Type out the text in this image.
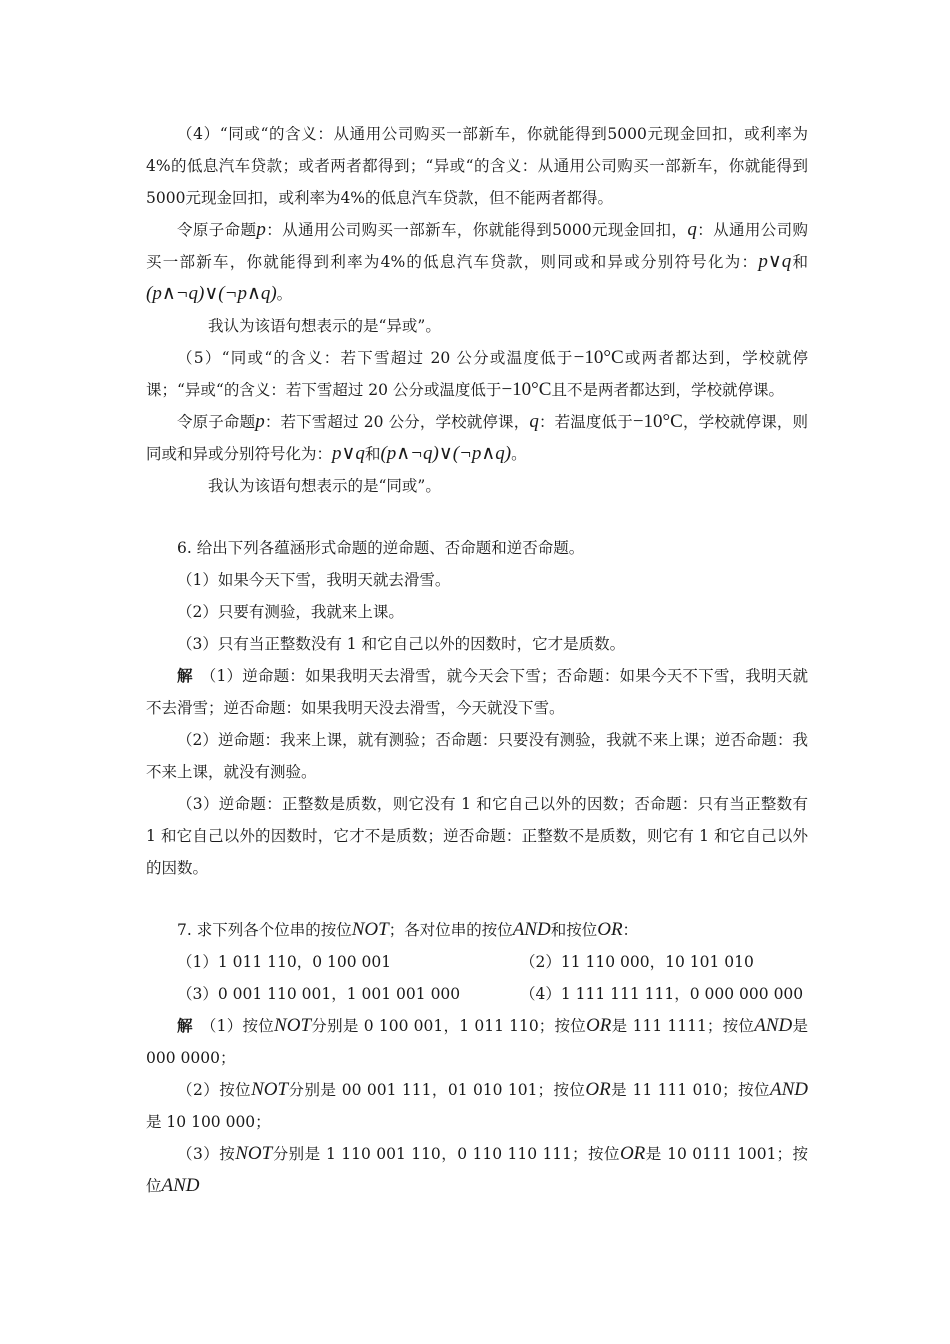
（4）“同或“的含义：从通用公司购买一部新车，你就能得到5000元现金回扣，或利率为 4%的低息汽车贷款；或者两者都得到；“异或“的含义：从通用公司购买一部新车，你就能得到5000元现金回扣，或利率为4%的低息汽车贷款，但不能两者都得。

令原子命题p：从通用公司购买一部新车，你就能得到5000元现金回扣，q：从通用公司购买一部新车，你就能得到利率为4%的低息汽车贷款，则同或和异或分别符号化为：p∨q和(p∧¬q)∨(¬p∧q)。

我认为该语句想表示的是“异或”。

（5）“同或“的含义：若下雪超过 20 公分或温度低于−10°C或两者都达到，学校就停课；“异或“的含义：若下雪超过 20 公分或温度低于−10°C且不是两者都达到，学校就停课。

令原子命题p：若下雪超过 20 公分，学校就停课，q：若温度低于−10°C，学校就停课，则同或和异或分别符号化为：p∨q和(p∧¬q)∨(¬p∧q)。

我认为该语句想表示的是“同或”。

6. 给出下列各蕴涵形式命题的逆命题、否命题和逆否命题。

（1）如果今天下雪，我明天就去滑雪。

（2）只要有测验，我就来上课。

（3）只有当正整数没有 1 和它自己以外的因数时，它才是质数。

解　 （1）逆命题：如果我明天去滑雪，就今天会下雪；否命题：如果今天不下雪，我明天就不去滑雪；逆否命题：如果我明天没去滑雪，今天就没下雪。

（2）逆命题：我来上课，就有测验；否命题：只要没有测验，我就不来上课；逆否命题：我不来上课，就没有测验。

（3）逆命题：正整数是质数，则它没有 1 和它自己以外的因数；否命题：只有当正整数有 1 和它自己以外的因数时，它才不是质数；逆否命题：正整数不是质数，则它有 1 和它自己以外的因数。

7. 求下列各个位串的按位NOT；各对位串的按位AND和按位OR：

（1）1 011 110，0 100 001	（2）11 110 000，10 101 010
（3）0 001 110 001，1 001 001 000	（4）1 111 111 111，0 000 000 000

解　 （1）按位NOT分别是 0 100 001，1 011 110；按位OR是 111 1111；按位AND是 000 0000；

（2）按位NOT分别是 00 001 111，01 010 101；按位OR是 11 111 010；按位AND是 10 100 000；

（3）按NOT分别是 1 110 001 110，0 110 110 111；按位OR是 10 0111 1001；按位AND
